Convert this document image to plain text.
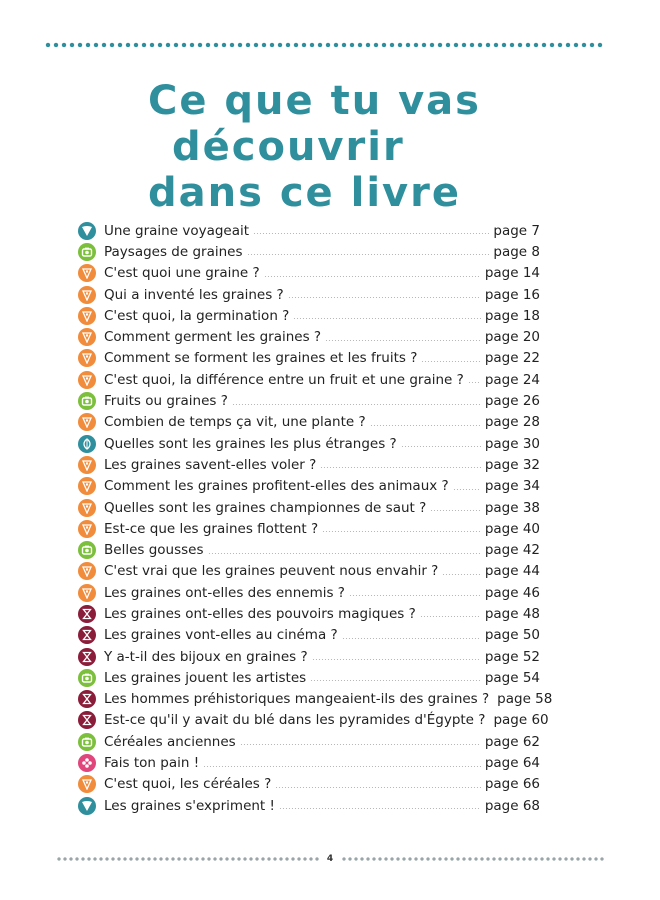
Ce que tu vas
découvrir
dans ce livre
Une graine voyageait	page 7
Paysages de graines	page 8
C'est quoi une graine ?	page 14
Qui a inventé les graines ?	page 16
C'est quoi, la germination ?	page 18
Comment germent les graines ?	page 20
Comment se forment les graines et les fruits ?	page 22
C'est quoi, la différence entre un fruit et une graine ? page 24
Fruits ou graines ?	page 26
Combien de temps ça vit, une plante ?	page 28
Quelles sont les graines les plus étranges ?	page 30
Les graines savent-elles voler ?	page 32
Comment les graines profitent-elles des animaux ?	page 34
Quelles sont les graines championnes de saut ?	page 38
Est-ce que les graines flottent ?	page 40
Belles gousses	page 42
C'est vrai que les graines peuvent nous envahir ?	page 44
Les graines ont-elles des ennemis ?	page 46
Les graines ont-elles des pouvoirs magiques ?	page 48
Les graines vont-elles au cinéma ?	page 50
Y a-t-il des bijoux en graines ?	page 52
Les graines jouent les artistes	page 54
Les hommes préhistoriques mangeaient-ils des graines ? page 58
Est-ce qu'il y avait du blé dans les pyramides d'Égypte ? page 60
Céréales anciennes	page 62
Fais ton pain !	page 64
C'est quoi, les céréales ?	page 66
Les graines s'expriment !	page 68
4
